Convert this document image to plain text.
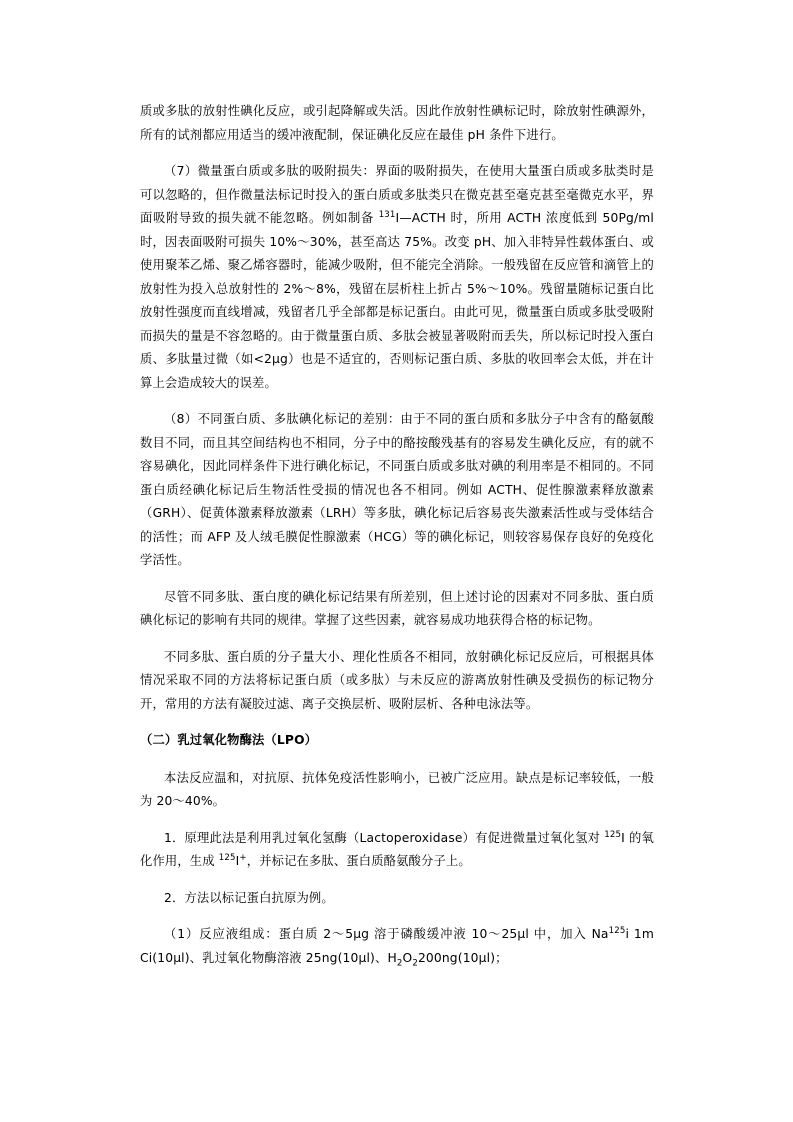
质或多肽的放射性碘化反应，或引起降解或失活。因此作放射性碘标记时，除放射性碘源外，所有的试剂都应用适当的缓冲液配制，保证碘化反应在最佳 pH 条件下进行。

（7）微量蛋白质或多肽的吸附损失：界面的吸附损失，在使用大量蛋白质或多肽类时是可以忽略的，但作微量法标记时投入的蛋白质或多肽类只在微克甚至毫克甚至毫微克水平，界面吸附导致的损失就不能忽略。例如制备 $^{131}$I—ACTH 时，所用 ACTH 浓度低到 50Pg/ml 时，因表面吸附可损失 10%～30%，甚至高达 75%。改变 pH、加入非特异性载体蛋白、或使用聚苯乙烯、聚乙烯容器时，能减少吸附，但不能完全消除。一般残留在反应管和滴管上的放射性为投入总放射性的 2%～8%，残留在层析柱上折占 5%～10%。残留量随标记蛋白比放射性强度而直线增减，残留者几乎全部都是标记蛋白。由此可见，微量蛋白质或多肽受吸附而损失的量是不容忽略的。由于微量蛋白质、多肽会被显著吸附而丢失，所以标记时投入蛋白质、多肽量过微（如<2μg）也是不适宜的，否则标记蛋白质、多肽的收回率会太低，并在计算上会造成较大的误差。

（8）不同蛋白质、多肽碘化标记的差别：由于不同的蛋白质和多肽分子中含有的酪氨酸数目不同，而且其空间结构也不相同，分子中的酪按酸残基有的容易发生碘化反应，有的就不容易碘化，因此同样条件下进行碘化标记，不同蛋白质或多肽对碘的利用率是不相同的。不同蛋白质经碘化标记后生物活性受损的情况也各不相同。例如 ACTH、促性腺激素释放激素（GRH）、促黄体激素释放激素（LRH）等多肽，碘化标记后容易丧失激素活性或与受体结合的活性；而 AFP 及人绒毛膜促性腺激素（HCG）等的碘化标记，则较容易保存良好的免疫化学活性。

尽管不同多肽、蛋白度的碘化标记结果有所差别，但上述讨论的因素对不同多肽、蛋白质碘化标记的影响有共同的规律。掌握了这些因素，就容易成功地获得合格的标记物。

不同多肽、蛋白质的分子量大小、理化性质各不相同，放射碘化标记反应后，可根据具体情况采取不同的方法将标记蛋白质（或多肽）与未反应的游离放射性碘及受损伤的标记物分开，常用的方法有凝胶过滤、离子交换层析、吸附层析、各种电泳法等。

（二）乳过氧化物酶法（LPO）

本法反应温和，对抗原、抗体免疫活性影响小，已被广泛应用。缺点是标记率较低，一般为 20～40%。

1．原理此法是利用乳过氧化氢酶（Lactoperoxidase）有促进微量过氧化氢对 $^{125}$I 的氧化作用，生成 $^{125}$I+，并标记在多肽、蛋白质酪氨酸分子上。

2．方法以标记蛋白抗原为例。

（1）反应液组成：蛋白质 2～5μg 溶于磷酸缓冲液 10～25μl 中，加入 Na$^{125}$i 1m Ci(10μl)、乳过氧化物酶溶液 25ng(10μl)、$H_2O_2200ng(10\mu l)$；
